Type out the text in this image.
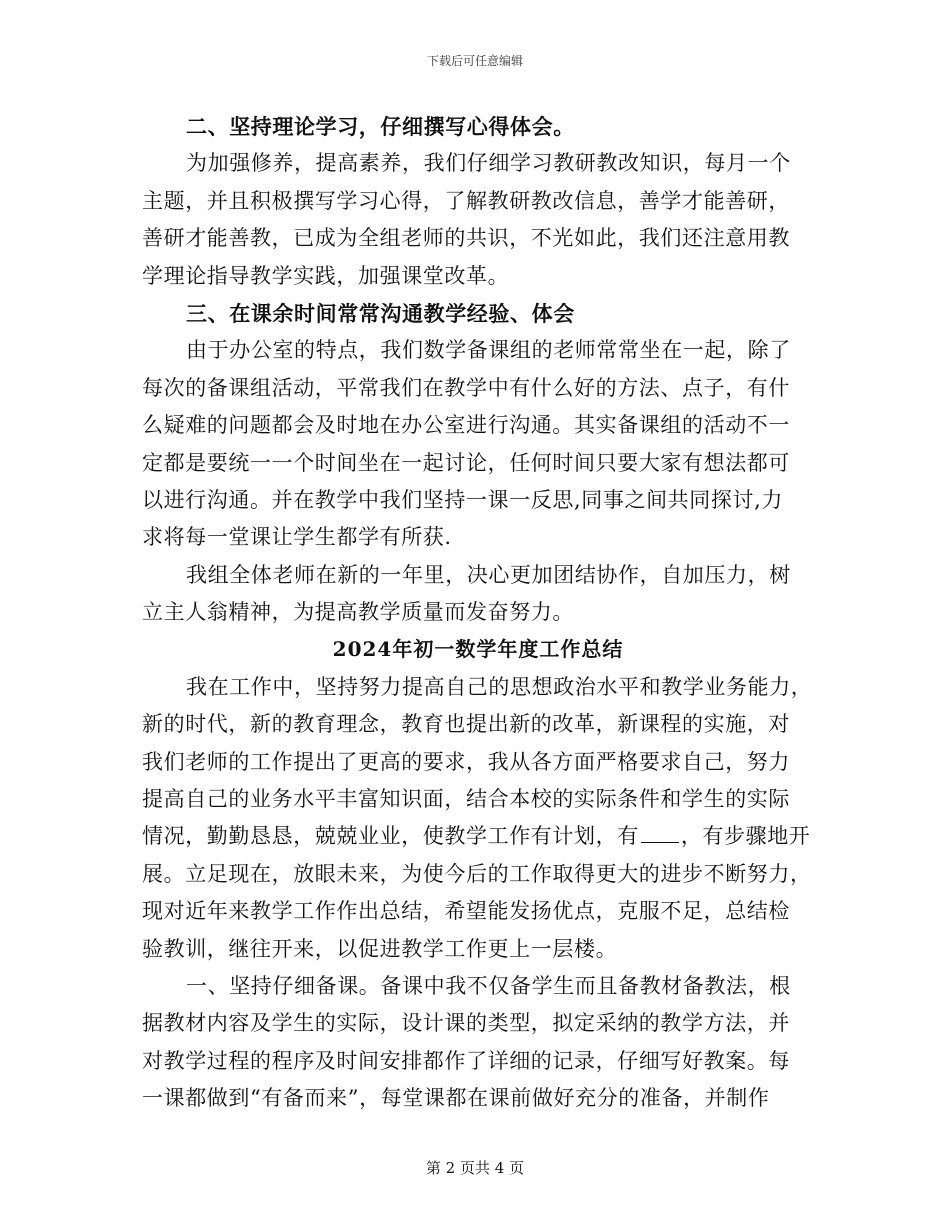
下载后可任意编辑
二、坚持理论学习，仔细撰写心得体会。
为加强修养，提高素养，我们仔细学习教研教改知识，每月一个
主题，并且积极撰写学习心得，了解教研教改信息，善学才能善研，
善研才能善教，已成为全组老师的共识，不光如此，我们还注意用教
学理论指导教学实践，加强课堂改革。
三、在课余时间常常沟通教学经验、体会
由于办公室的特点，我们数学备课组的老师常常坐在一起，除了
每次的备课组活动，平常我们在教学中有什么好的方法、点子，有什
么疑难的问题都会及时地在办公室进行沟通。其实备课组的活动不一
定都是要统一一个时间坐在一起讨论，任何时间只要大家有想法都可
以进行沟通。并在教学中我们坚持一课一反思,同事之间共同探讨,力
求将每一堂课让学生都学有所获.
我组全体老师在新的一年里，决心更加团结协作，自加压力，树
立主人翁精神，为提高教学质量而发奋努力。
2024年初一数学年度工作总结
我在工作中，坚持努力提高自己的思想政治水平和教学业务能力，
新的时代，新的教育理念，教育也提出新的改革，新课程的实施，对
我们老师的工作提出了更高的要求，我从各方面严格要求自己，努力
提高自己的业务水平丰富知识面，结合本校的实际条件和学生的实际
情况，勤勤恳恳，兢兢业业，使教学工作有计划，有 ，有步骤地开
展。立足现在，放眼未来，为使今后的工作取得更大的进步不断努力，
现对近年来教学工作作出总结，希望能发扬优点，克服不足，总结检
验教训，继往开来，以促进教学工作更上一层楼。
一、坚持仔细备课。备课中我不仅备学生而且备教材备教法，根
据教材内容及学生的实际，设计课的类型，拟定采纳的教学方法，并
对教学过程的程序及时间安排都作了详细的记录，仔细写好教案。每
一课都做到“有备而来”，每堂课都在课前做好充分的准备，并制作
第 2 页共 4 页
